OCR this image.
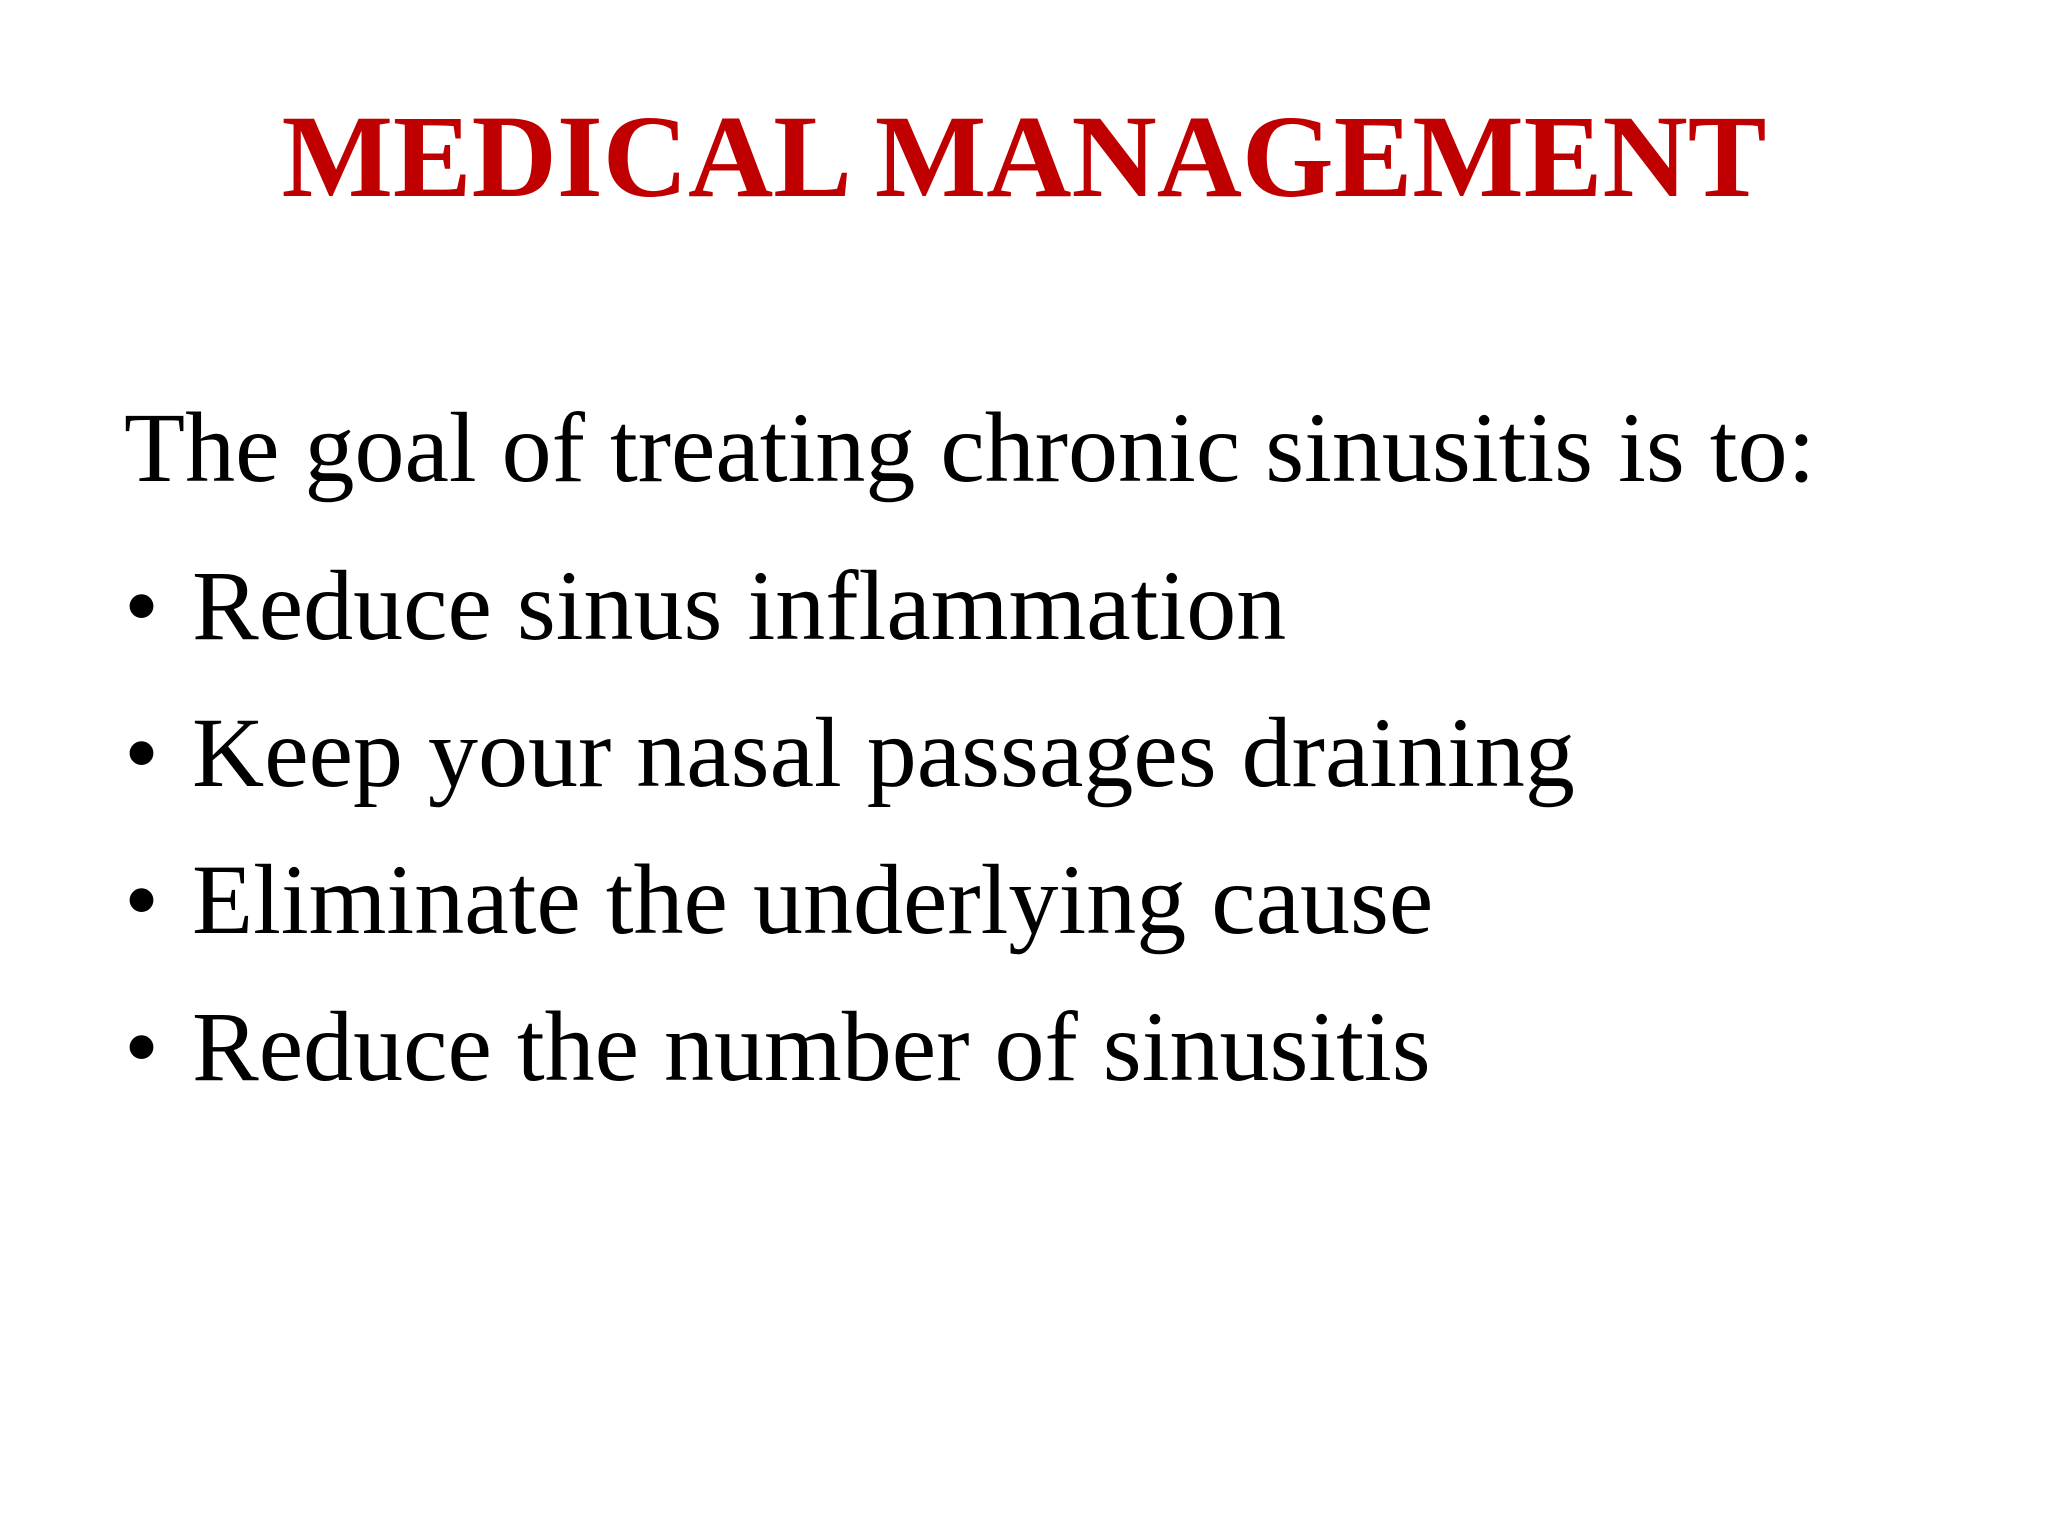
MEDICAL MANAGEMENT

The goal of treating chronic sinusitis is to:

• Reduce sinus inflammation
• Keep your nasal passages draining
• Eliminate the underlying cause
• Reduce the number of sinusitis
